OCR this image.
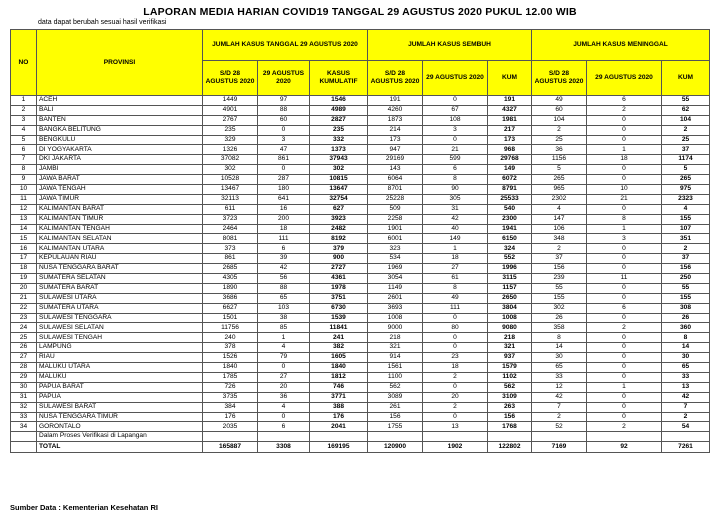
LAPORAN MEDIA HARIAN COVID19 TANGGAL 29 AGUSTUS 2020 PUKUL 12.00 WIB
data dapat berubah sesuai hasil verifikasi
NO	PROVINSI	JUMLAH KASUS TANGGAL 29 AGUSTUS 2020			JUMLAH KASUS SEMBUH			JUMLAH KASUS MENINGGAL		
		S/D 28 AGUSTUS 2020	29 AGUSTUS 2020	KASUS KUMULATIF	S/D 28 AGUSTUS 2020	29 AGUSTUS 2020	KUM	S/D 28 AGUSTUS 2020	29 AGUSTUS 2020	KUM
1	ACEH	1449	97	1546	191	0	191	49	6	55
2	BALI	4901	88	4989	4260	67	4327	60	2	62
3	BANTEN	2767	60	2827	1873	108	1981	104	0	104
4	BANGKA BELITUNG	235	0	235	214	3	217	2	0	2
5	BENGKULU	329	3	332	173	0	173	25	0	25
6	DI YOGYAKARTA	1326	47	1373	947	21	968	36	1	37
7	DKI JAKARTA	37082	861	37943	29169	599	29768	1156	18	1174
8	JAMBI	302	0	302	143	6	149	5	0	5
9	JAWA BARAT	10528	287	10815	6064	8	6072	265	0	265
10	JAWA TENGAH	13467	180	13647	8701	90	8791	965	10	975
11	JAWA TIMUR	32113	641	32754	25228	305	25533	2302	21	2323
12	KALIMANTAN BARAT	611	16	627	509	31	540	4	0	4
13	KALIMANTAN TIMUR	3723	200	3923	2258	42	2300	147	8	155
14	KALIMANTAN TENGAH	2464	18	2482	1901	40	1941	106	1	107
15	KALIMANTAN SELATAN	8081	111	8192	6001	149	6150	348	3	351
16	KALIMANTAN UTARA	373	6	379	323	1	324	2	0	2
17	KEPULAUAN RIAU	861	39	900	534	18	552	37	0	37
18	NUSA TENGGARA BARAT	2685	42	2727	1969	27	1996	156	0	156
19	SUMATERA SELATAN	4305	56	4361	3054	61	3115	239	11	250
20	SUMATERA BARAT	1890	88	1978	1149	8	1157	55	0	55
21	SULAWESI UTARA	3686	65	3751	2601	49	2650	155	0	155
22	SUMATERA UTARA	6627	103	6730	3693	111	3804	302	6	308
23	SULAWESI TENGGARA	1501	38	1539	1008	0	1008	26	0	26
24	SULAWESI SELATAN	11756	85	11841	9000	80	9080	358	2	360
25	SULAWESI TENGAH	240	1	241	218	0	218	8	0	8
26	LAMPUNG	378	4	382	321	0	321	14	0	14
27	RIAU	1526	79	1605	914	23	937	30	0	30
28	MALUKU UTARA	1840	0	1840	1561	18	1579	65	0	65
29	MALUKU	1785	27	1812	1100	2	1102	33	0	33
30	PAPUA BARAT	726	20	746	562	0	562	12	1	13
31	PAPUA	3735	36	3771	3089	20	3109	42	0	42
32	SULAWESI BARAT	384	4	388	261	2	263	7	0	7
33	NUSA TENGGARA TIMUR	176	0	176	156	0	156	2	0	2
34	GORONTALO	2035	6	2041	1755	13	1768	52	2	54
	Dalam Proses Verifikasi di Lapangan									
	TOTAL	165887	3308	169195	120900	1902	122802	7169	92	7261
Sumber Data : Kementerian Kesehatan RI
